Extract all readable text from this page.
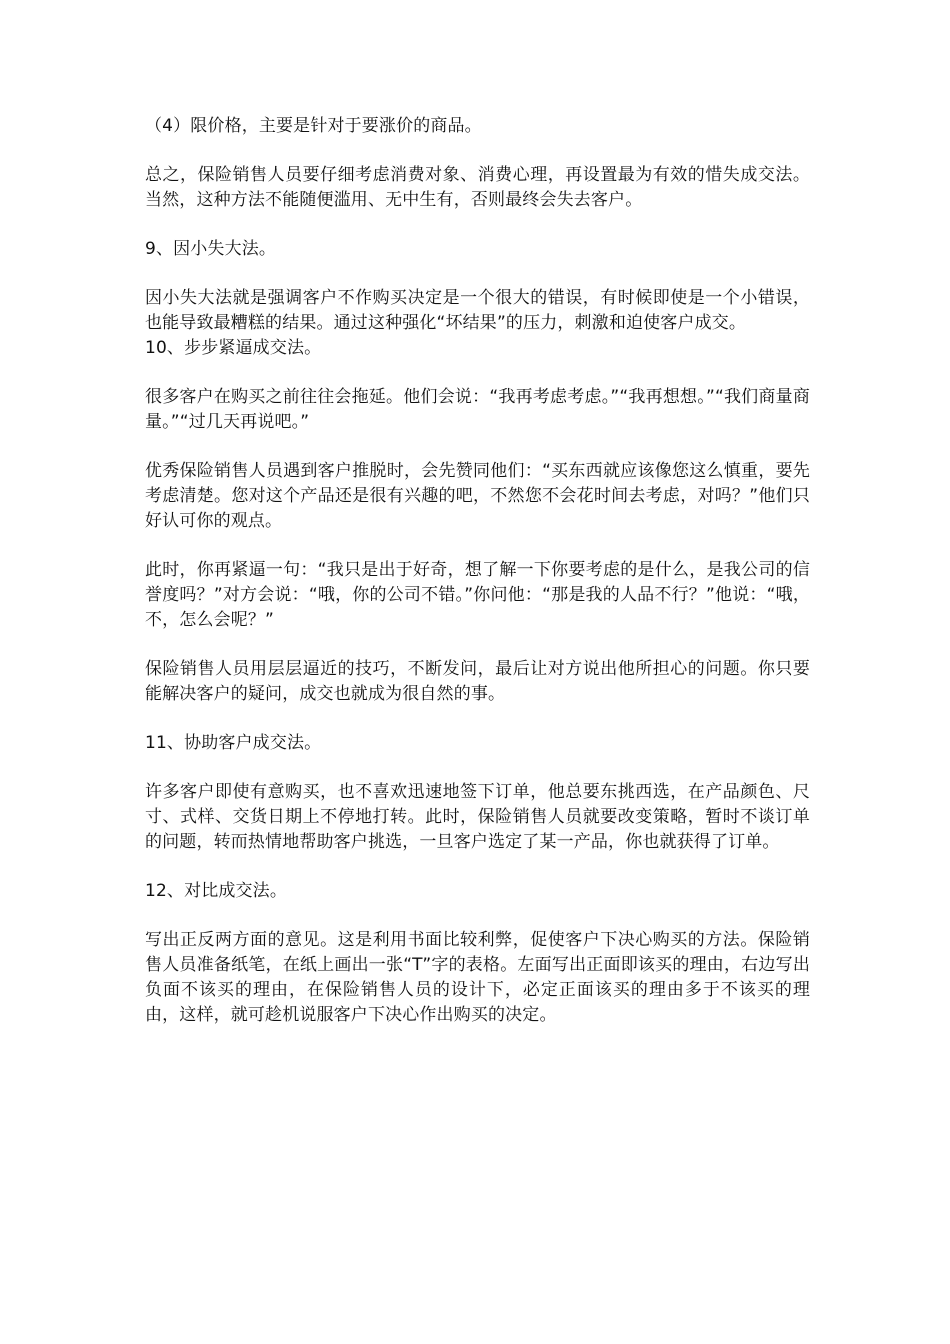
（4）限价格，主要是针对于要涨价的商品。

总之，保险销售人员要仔细考虑消费对象、消费心理，再设置最为有效的惜失成交法。当然，这种方法不能随便滥用、无中生有，否则最终会失去客户。

9、因小失大法。

因小失大法就是强调客户不作购买决定是一个很大的错误，有时候即使是一个小错误，也能导致最糟糕的结果。通过这种强化“坏结果”的压力，刺激和迫使客户成交。

10、步步紧逼成交法。

很多客户在购买之前往往会拖延。他们会说：“我再考虑考虑。”“我再想想。”“我们商量商量。”“过几天再说吧。”

优秀保险销售人员遇到客户推脱时，会先赞同他们：“买东西就应该像您这么慎重，要先考虑清楚。您对这个产品还是很有兴趣的吧，不然您不会花时间去考虑，对吗？”他们只好认可你的观点。

此时，你再紧逼一句：“我只是出于好奇，想了解一下你要考虑的是什么，是我公司的信誉度吗？”对方会说：“哦，你的公司不错。”你问他：“那是我的人品不行？”他说：“哦，不，怎么会呢？”

保险销售人员用层层逼近的技巧，不断发问，最后让对方说出他所担心的问题。你只要能解决客户的疑问，成交也就成为很自然的事。

11、协助客户成交法。

许多客户即使有意购买，也不喜欢迅速地签下订单，他总要东挑西选，在产品颜色、尺寸、式样、交货日期上不停地打转。此时，保险销售人员就要改变策略，暂时不谈订单的问题，转而热情地帮助客户挑选，一旦客户选定了某一产品，你也就获得了订单。

12、对比成交法。

写出正反两方面的意见。这是利用书面比较利弊，促使客户下决心购买的方法。保险销售人员准备纸笔，在纸上画出一张“T”字的表格。左面写出正面即该买的理由，右边写出负面不该买的理由，在保险销售人员的设计下，必定正面该买的理由多于不该买的理由，这样，就可趁机说服客户下决心作出购买的决定。
